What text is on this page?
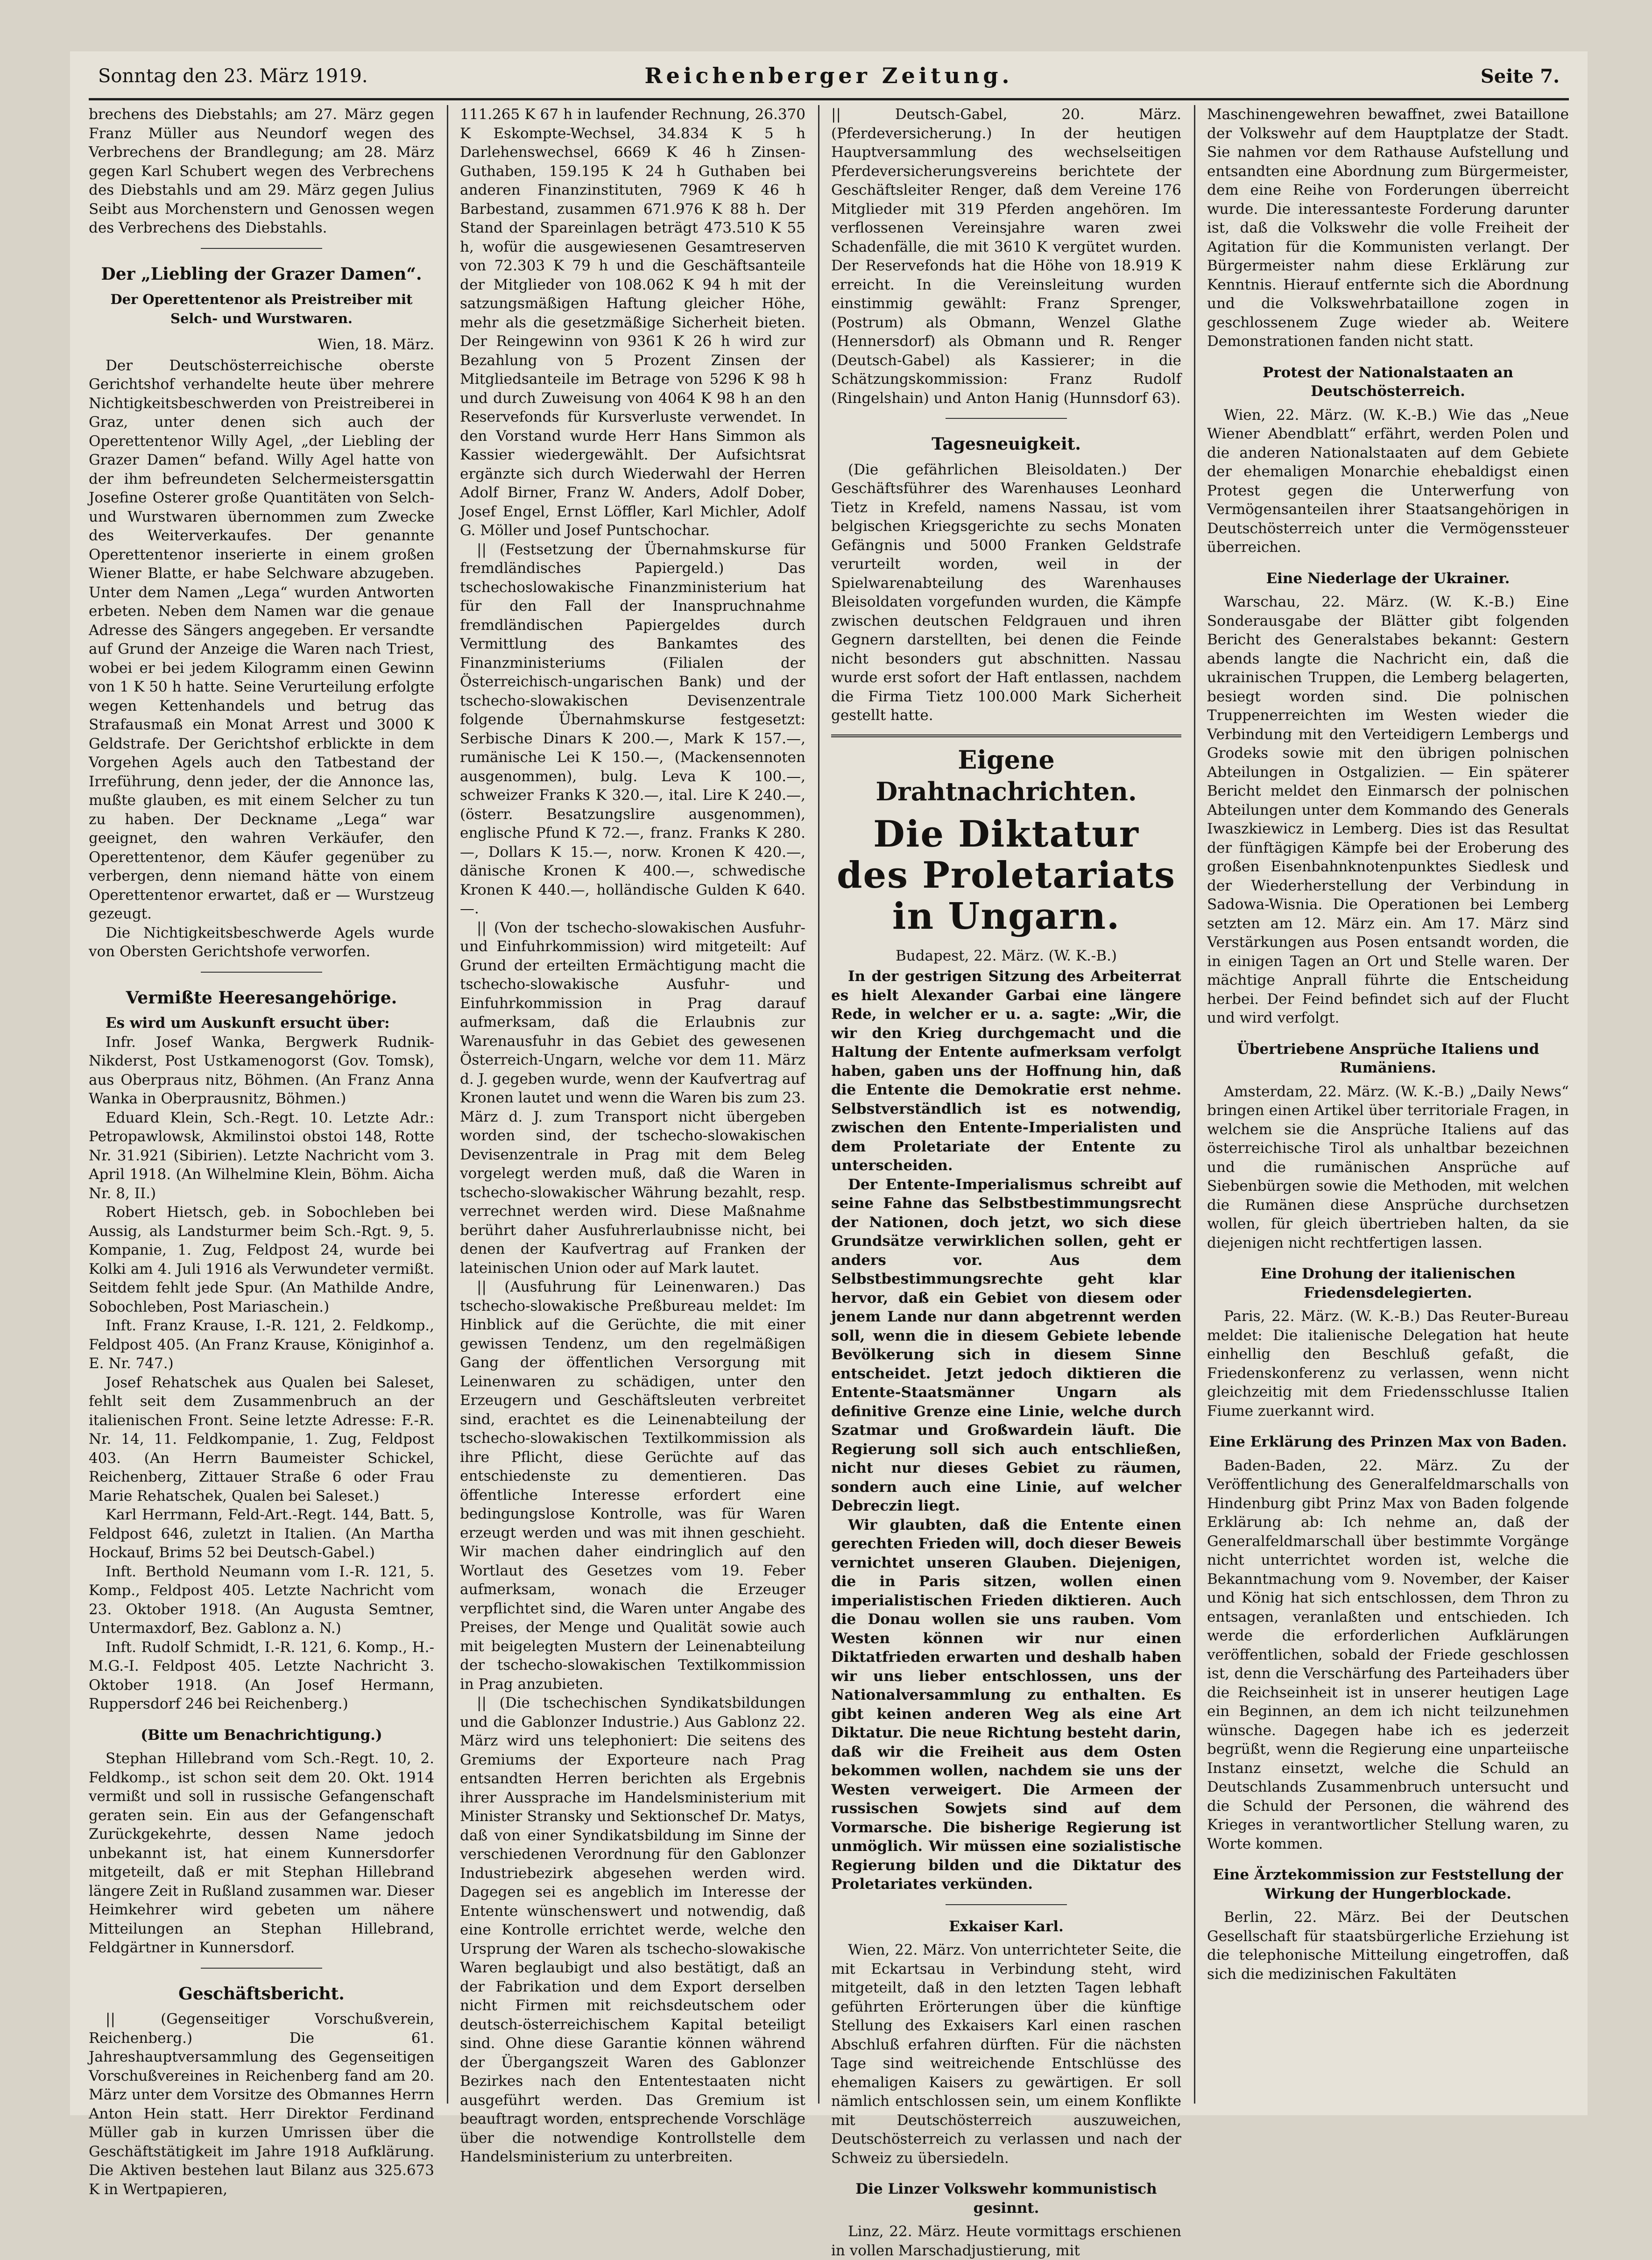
Sonntag den 23. März 1919.	Reichenberger Zeitung.	Seite 7.

brechens des Diebstahls; am 27. März gegen Franz Müller aus Neundorf wegen des Verbrechens der Brandlegung; am 28. März gegen Karl Schubert wegen des Verbrechens des Diebstahls und am 29. März gegen Julius Seibt aus Morchenstern und Genossen wegen des Verbrechens des Diebstahls.

Der „Liebling der Grazer Damen“.
Der Operettentenor als Preistreiber mit Selch- und Wurstwaren.
Wien, 18. März.

Der Deutschösterreichische oberste Gerichtshof verhandelte heute über mehrere Nichtigkeitsbeschwerden von Preistreiberei in Graz, unter denen sich auch der Operettentenor Willy Agel, „der Liebling der Grazer Damen“ befand. Willy Agel hatte von der ihm befreundeten Selchermeistersgattin Josefine Osterer große Quantitäten von Selch- und Wurstwaren übernommen zum Zwecke des Weiterverkaufes. Der genannte Operettentenor inserierte in einem großen Wiener Blatte, er habe Selchware abzugeben. Unter dem Namen „Lega“ wurden Antworten erbeten. Neben dem Namen war die genaue Adresse des Sängers angegeben. Er versandte auf Grund der Anzeige die Waren nach Triest, wobei er bei jedem Kilogramm einen Gewinn von 1 K 50 h hatte. Seine Verurteilung erfolgte wegen Kettenhandels und betrug das Strafausmaß ein Monat Arrest und 3000 K Geldstrafe. Der Gerichtshof erblickte in dem Vorgehen Agels auch den Tatbestand der Irreführung, denn jeder, der die Annonce las, mußte glauben, es mit einem Selcher zu tun zu haben. Der Deckname „Lega“ war geeignet, den wahren Verkäufer, den Operettentenor, dem Käufer gegenüber zu verbergen, denn niemand hätte von einem Operettentenor erwartet, daß er — Wurstzeug gezeugt.

Die Nichtigkeitsbeschwerde Agels wurde von Obersten Gerichtshofe verworfen.

Vermißte Heeresangehörige.

Es wird um Auskunft ersucht über:

Infr. Josef Wanka, Bergwerk Rudnik-Nikderst, Post Ustkamenogorst (Gov. Tomsk), aus Oberpraus nitz, Böhmen. (An Franz Anna Wanka in Oberprausnitz, Böhmen.)

Eduard Klein, Sch.-Regt. 10. Letzte Adr.: Petropawlowsk, Akmilinstoi obstoi 148, Rotte Nr. 31.921 (Sibirien). Letzte Nachricht vom 3. April 1918. (An Wilhelmine Klein, Böhm. Aicha Nr. 8, II.)

Robert Hietsch, geb. in Sobochleben bei Aussig, als Landsturmer beim Sch.-Rgt. 9, 5. Kompanie, 1. Zug, Feldpost 24, wurde bei Kolki am 4. Juli 1916 als Verwundeter vermißt. Seitdem fehlt jede Spur. (An Mathilde Andre, Sobochleben, Post Mariaschein.)

Inft. Franz Krause, I.-R. 121, 2. Feldkomp., Feldpost 405. (An Franz Krause, Königinhof a. E. Nr. 747.)

Josef Rehatschek aus Qualen bei Saleset, fehlt seit dem Zusammenbruch an der italienischen Front. Seine letzte Adresse: F.-R. Nr. 14, 11. Feldkompanie, 1. Zug, Feldpost 403. (An Herrn Baumeister Schickel, Reichenberg, Zittauer Straße 6 oder Frau Marie Rehatschek, Qualen bei Saleset.)

Karl Herrmann, Feld-Art.-Regt. 144, Batt. 5, Feldpost 646, zuletzt in Italien. (An Martha Hockauf, Brims 52 bei Deutsch-Gabel.)

Inft. Berthold Neumann vom I.-R. 121, 5. Komp., Feldpost 405. Letzte Nachricht vom 23. Oktober 1918. (An Augusta Semtner, Untermaxdorf, Bez. Gablonz a. N.)

Inft. Rudolf Schmidt, I.-R. 121, 6. Komp., H.-M.G.-I. Feldpost 405. Letzte Nachricht 3. Oktober 1918. (An Josef Hermann, Ruppersdorf 246 bei Reichenberg.)

(Bitte um Benachrichtigung.)

Stephan Hillebrand vom Sch.-Regt. 10, 2. Feldkomp., ist schon seit dem 20. Okt. 1914 vermißt und soll in russische Gefangenschaft geraten sein. Ein aus der Gefangenschaft Zurückgekehrte, dessen Name jedoch unbekannt ist, hat einem Kunnersdorfer mitgeteilt, daß er mit Stephan Hillebrand längere Zeit in Rußland zusammen war. Dieser Heimkehrer wird gebeten um nähere Mitteilungen an Stephan Hillebrand, Feldgärtner in Kunnersdorf.

Geschäftsbericht.

|| (Gegenseitiger Vorschußverein, Reichenberg.) Die 61. Jahreshauptversammlung des Gegenseitigen Vorschußvereines in Reichenberg fand am 20. März unter dem Vorsitze des Obmannes Herrn Anton Hein statt. Herr Direktor Ferdinand Müller gab in kurzen Umrissen über die Geschäftstätigkeit im Jahre 1918 Aufklärung. Die Aktiven bestehen laut Bilanz aus 325.673 K in Wertpapieren,

111.265 K 67 h in laufender Rechnung, 26.370 K Eskompte-Wechsel, 34.834 K 5 h Darlehenswechsel, 6669 K 46 h Zinsen-Guthaben, 159.195 K 24 h Guthaben bei anderen Finanzinstituten, 7969 K 46 h Barbestand, zusammen 671.976 K 88 h. Der Stand der Spareinlagen beträgt 473.510 K 55 h, wofür die ausgewiesenen Gesamtreserven von 72.303 K 79 h und die Geschäftsanteile der Mitglieder von 108.062 K 94 h mit der satzungsmäßigen Haftung gleicher Höhe, mehr als die gesetzmäßige Sicherheit bieten. Der Reingewinn von 9361 K 26 h wird zur Bezahlung von 5 Prozent Zinsen der Mitgliedsanteile im Betrage von 5296 K 98 h und durch Zuweisung von 4064 K 98 h an den Reservefonds für Kursverluste verwendet. In den Vorstand wurde Herr Hans Simmon als Kassier wiedergewählt. Der Aufsichtsrat ergänzte sich durch Wiederwahl der Herren Adolf Birner, Franz W. Anders, Adolf Dober, Josef Engel, Ernst Löffler, Karl Michler, Adolf G. Möller und Josef Puntschochar.

|| (Festsetzung der Übernahmskurse für fremdländisches Papiergeld.) Das tschechoslowakische Finanzministerium hat für den Fall der Inanspruchnahme fremdländischen Papiergeldes durch Vermittlung des Bankamtes des Finanzministeriums (Filialen der Österreichisch-ungarischen Bank) und der tschecho-slowakischen Devisenzentrale folgende Übernahmskurse festgesetzt: Serbische Dinars K 200.—, Mark K 157.—, rumänische Lei K 150.—, (Mackensennoten ausgenommen), bulg. Leva K 100.—, schweizer Franks K 320.—, ital. Lire K 240.—, (österr. Besatzungslire ausgenommen), englische Pfund K 72.—, franz. Franks K 280.—, Dollars K 15.—, norw. Kronen K 420.—, dänische Kronen K 400.—, schwedische Kronen K 440.—, holländische Gulden K 640.—.

|| (Von der tschecho-slowakischen Ausfuhr- und Einfuhrkommission) wird mitgeteilt: Auf Grund der erteilten Ermächtigung macht die tschecho-slowakische Ausfuhr- und Einfuhrkommission in Prag darauf aufmerksam, daß die Erlaubnis zur Warenausfuhr in das Gebiet des gewesenen Österreich-Ungarn, welche vor dem 11. März d. J. gegeben wurde, wenn der Kaufvertrag auf Kronen lautet und wenn die Waren bis zum 23. März d. J. zum Transport nicht übergeben worden sind, der tschecho-slowakischen Devisenzentrale in Prag mit dem Beleg vorgelegt werden muß, daß die Waren in tschecho-slowakischer Währung bezahlt, resp. verrechnet werden wird. Diese Maßnahme berührt daher Ausfuhrerlaubnisse nicht, bei denen der Kaufvertrag auf Franken der lateinischen Union oder auf Mark lautet.

|| (Ausfuhrung für Leinenwaren.) Das tschecho-slowakische Preßbureau meldet: Im Hinblick auf die Gerüchte, die mit einer gewissen Tendenz, um den regelmäßigen Gang der öffentlichen Versorgung mit Leinenwaren zu schädigen, unter den Erzeugern und Geschäftsleuten verbreitet sind, erachtet es die Leinenabteilung der tschecho-slowakischen Textilkommission als ihre Pflicht, diese Gerüchte auf das entschiedenste zu dementieren. Das öffentliche Interesse erfordert eine bedingungslose Kontrolle, was für Waren erzeugt werden und was mit ihnen geschieht. Wir machen daher eindringlich auf den Wortlaut des Gesetzes vom 19. Feber aufmerksam, wonach die Erzeuger verpflichtet sind, die Waren unter Angabe des Preises, der Menge und Qualität sowie auch mit beigelegten Mustern der Leinenabteilung der tschecho-slowakischen Textilkommission in Prag anzubieten.

|| (Die tschechischen Syndikatsbildungen und die Gablonzer Industrie.) Aus Gablonz 22. März wird uns telephoniert: Die seitens des Gremiums der Exporteure nach Prag entsandten Herren berichten als Ergebnis ihrer Aussprache im Handelsministerium mit Minister Stransky und Sektionschef Dr. Matys, daß von einer Syndikatsbildung im Sinne der verschiedenen Verordnung für den Gablonzer Industriebezirk abgesehen werden wird. Dagegen sei es angeblich im Interesse der Entente wünschenswert und notwendig, daß eine Kontrolle errichtet werde, welche den Ursprung der Waren als tschecho-slowakische Waren beglaubigt und also bestätigt, daß an der Fabrikation und dem Export derselben nicht Firmen mit reichsdeutschem oder deutsch-österreichischem Kapital beteiligt sind. Ohne diese Garantie können während der Übergangszeit Waren des Gablonzer Bezirkes nach den Ententestaaten nicht ausgeführt werden. Das Gremium ist beauftragt worden, entsprechende Vorschläge über die notwendige Kontrollstelle dem Handelsministerium zu unterbreiten.

|| Deutsch-Gabel, 20. März. (Pferdeversicherung.) In der heutigen Hauptversammlung des wechselseitigen Pferdeversicherungsvereins berichtete der Geschäftsleiter Renger, daß dem Vereine 176 Mitglieder mit 319 Pferden angehören. Im verflossenen Vereinsjahre waren zwei Schadenfälle, die mit 3610 K vergütet wurden. Der Reservefonds hat die Höhe von 18.919 K erreicht. In die Vereinsleitung wurden einstimmig gewählt: Franz Sprenger, (Postrum) als Obmann, Wenzel Glathe (Hennersdorf) als Obmann und R. Renger (Deutsch-Gabel) als Kassierer; in die Schätzungskommission: Franz Rudolf (Ringelshain) und Anton Hanig (Hunnsdorf 63).

Tagesneuigkeit.

(Die gefährlichen Bleisoldaten.) Der Geschäftsführer des Warenhauses Leonhard Tietz in Krefeld, namens Nassau, ist vom belgischen Kriegsgerichte zu sechs Monaten Gefängnis und 5000 Franken Geldstrafe verurteilt worden, weil in der Spielwarenabteilung des Warenhauses Bleisoldaten vorgefunden wurden, die Kämpfe zwischen deutschen Feldgrauen und ihren Gegnern darstellten, bei denen die Feinde nicht besonders gut abschnitten. Nassau wurde erst sofort der Haft entlassen, nachdem die Firma Tietz 100.000 Mark Sicherheit gestellt hatte.

Eigene Drahtnachrichten.
Die Diktatur des Proletariats in Ungarn.
Budapest, 22. März. (W. K.-B.)

In der gestrigen Sitzung des Arbeiterrat es hielt Alexander Garbai eine längere Rede, in welcher er u. a. sagte: „Wir, die wir den Krieg durchgemacht und die Haltung der Entente aufmerksam verfolgt haben, gaben uns der Hoffnung hin, daß die Entente die Demokratie erst nehme. Selbstverständlich ist es notwendig, zwischen den Entente-Imperialisten und dem Proletariate der Entente zu unterscheiden.

Der Entente-Imperialismus schreibt auf seine Fahne das Selbstbestimmungsrecht der Nationen, doch jetzt, wo sich diese Grundsätze verwirklichen sollen, geht er anders vor. Aus dem Selbstbestimmungsrechte geht klar hervor, daß ein Gebiet von diesem oder jenem Lande nur dann abgetrennt werden soll, wenn die in diesem Gebiete lebende Bevölkerung sich in diesem Sinne entscheidet. Jetzt jedoch diktieren die Entente-Staatsmänner Ungarn als definitive Grenze eine Linie, welche durch Szatmar und Großwardein läuft. Die Regierung soll sich auch entschließen, nicht nur dieses Gebiet zu räumen, sondern auch eine Linie, auf welcher Debreczin liegt.

Wir glaubten, daß die Entente einen gerechten Frieden will, doch dieser Beweis vernichtet unseren Glauben. Diejenigen, die in Paris sitzen, wollen einen imperialistischen Frieden diktieren. Auch die Donau wollen sie uns rauben. Vom Westen können wir nur einen Diktatfrieden erwarten und deshalb haben wir uns lieber entschlossen, uns der Nationalversammlung zu enthalten. Es gibt keinen anderen Weg als eine Art Diktatur. Die neue Richtung besteht darin, daß wir die Freiheit aus dem Osten bekommen wollen, nachdem sie uns der Westen verweigert. Die Armeen der russischen Sowjets sind auf dem Vormarsche. Die bisherige Regierung ist unmöglich. Wir müssen eine sozialistische Regierung bilden und die Diktatur des Proletariates verkünden.

Exkaiser Karl.

Wien, 22. März. Von unterrichteter Seite, die mit Eckartsau in Verbindung steht, wird mitgeteilt, daß in den letzten Tagen lebhaft geführten Erörterungen über die künftige Stellung des Exkaisers Karl einen raschen Abschluß erfahren dürften. Für die nächsten Tage sind weitreichende Entschlüsse des ehemaligen Kaisers zu gewärtigen. Er soll nämlich entschlossen sein, um einem Konflikte mit Deutschösterreich auszuweichen, Deutschösterreich zu verlassen und nach der Schweiz zu übersiedeln.

Die Linzer Volkswehr kommunistisch gesinnt.

Linz, 22. März. Heute vormittags erschienen in vollen Marschadjustierung, mit

Maschinengewehren bewaffnet, zwei Bataillone der Volkswehr auf dem Hauptplatze der Stadt. Sie nahmen vor dem Rathause Aufstellung und entsandten eine Abordnung zum Bürgermeister, dem eine Reihe von Forderungen überreicht wurde. Die interessanteste Forderung darunter ist, daß die Volkswehr die volle Freiheit der Agitation für die Kommunisten verlangt. Der Bürgermeister nahm diese Erklärung zur Kenntnis. Hierauf entfernte sich die Abordnung und die Volkswehrbataillone zogen in geschlossenem Zuge wieder ab. Weitere Demonstrationen fanden nicht statt.

Protest der Nationalstaaten an Deutschösterreich.

Wien, 22. März. (W. K.-B.) Wie das „Neue Wiener Abendblatt“ erfährt, werden Polen und die anderen Nationalstaaten auf dem Gebiete der ehemaligen Monarchie ehebaldigst einen Protest gegen die Unterwerfung von Vermögensanteilen ihrer Staatsangehörigen in Deutschösterreich unter die Vermögenssteuer überreichen.

Eine Niederlage der Ukrainer.

Warschau, 22. März. (W. K.-B.) Eine Sonderausgabe der Blätter gibt folgenden Bericht des Generalstabes bekannt: Gestern abends langte die Nachricht ein, daß die ukrainischen Truppen, die Lemberg belagerten, besiegt worden sind. Die polnischen Truppenerreichten im Westen wieder die Verbindung mit den Verteidigern Lembergs und Grodeks sowie mit den übrigen polnischen Abteilungen in Ostgalizien. — Ein späterer Bericht meldet den Einmarsch der polnischen Abteilungen unter dem Kommando des Generals Iwaszkiewicz in Lemberg. Dies ist das Resultat der fünftägigen Kämpfe bei der Eroberung des großen Eisenbahnknotenpunktes Siedlesk und der Wiederherstellung der Verbindung in Sadowa-Wisnia. Die Operationen bei Lemberg setzten am 12. März ein. Am 17. März sind Verstärkungen aus Posen entsandt worden, die in einigen Tagen an Ort und Stelle waren. Der mächtige Anprall führte die Entscheidung herbei. Der Feind befindet sich auf der Flucht und wird verfolgt.

Übertriebene Ansprüche Italiens und Rumäniens.

Amsterdam, 22. März. (W. K.-B.) „Daily News“ bringen einen Artikel über territoriale Fragen, in welchem sie die Ansprüche Italiens auf das österreichische Tirol als unhaltbar bezeichnen und die rumänischen Ansprüche auf Siebenbürgen sowie die Methoden, mit welchen die Rumänen diese Ansprüche durchsetzen wollen, für gleich übertrieben halten, da sie diejenigen nicht rechtfertigen lassen.

Eine Drohung der italienischen Friedensdelegierten.

Paris, 22. März. (W. K.-B.) Das Reuter-Bureau meldet: Die italienische Delegation hat heute einhellig den Beschluß gefaßt, die Friedenskonferenz zu verlassen, wenn nicht gleichzeitig mit dem Friedensschlusse Italien Fiume zuerkannt wird.

Eine Erklärung des Prinzen Max von Baden.

Baden-Baden, 22. März. Zu der Veröffentlichung des Generalfeldmarschalls von Hindenburg gibt Prinz Max von Baden folgende Erklärung ab: Ich nehme an, daß der Generalfeldmarschall über bestimmte Vorgänge nicht unterrichtet worden ist, welche die Bekanntmachung vom 9. November, der Kaiser und König hat sich entschlossen, dem Thron zu entsagen, veranlaßten und entschieden. Ich werde die erforderlichen Aufklärungen veröffentlichen, sobald der Friede geschlossen ist, denn die Verschärfung des Parteihaders über die Reichseinheit ist in unserer heutigen Lage ein Beginnen, an dem ich nicht teilzunehmen wünsche. Dagegen habe ich es jederzeit begrüßt, wenn die Regierung eine unparteiische Instanz einsetzt, welche die Schuld an Deutschlands Zusammenbruch untersucht und die Schuld der Personen, die während des Krieges in verantwortlicher Stellung waren, zu Worte kommen.

Eine Ärztekommission zur Feststellung der Wirkung der Hungerblockade.

Berlin, 22. März. Bei der Deutschen Gesellschaft für staatsbürgerliche Erziehung ist die telephonische Mitteilung eingetroffen, daß sich die medizinischen Fakultäten
